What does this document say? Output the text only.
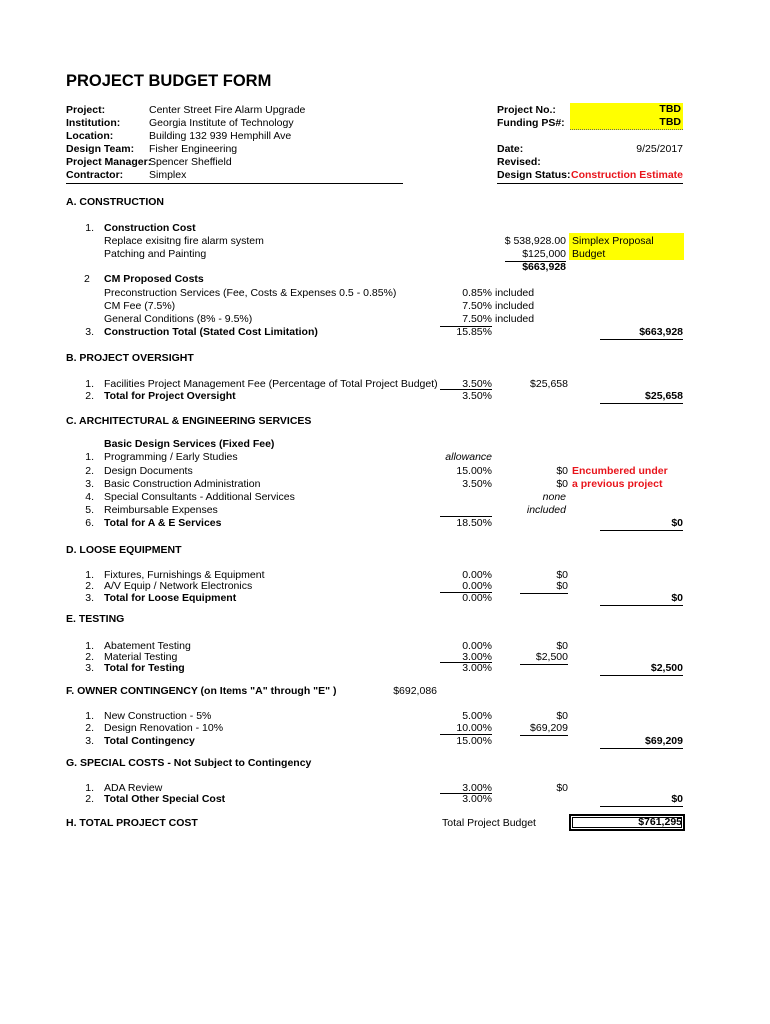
PROJECT BUDGET FORM
Project:	Center Street Fire Alarm Upgrade
Institution:	Georgia Institute of Technology
Location:	Building 132 939 Hemphill Ave
Design Team: Fisher Engineering
Project Manager:
Spencer Sheffield
Contractor: Simplex
Project No.:	TBD
Funding PS#:	TBD
Date:	9/25/2017
Revised:
Design Status: Construction Estimate
A. CONSTRUCTION
1. Construction Cost
Replace exisitng fire alarm system	$ 538,928.00
Patching and Painting	$125,000
$663,928
Simplex Proposal
Budget
2 CM Proposed Costs
Preconstruction Services (Fee, Costs & Expenses 0.5 - 0.85%)	0.85% included
CM Fee (7.5%)	7.50% included
General Conditions (8% - 9.5%)	7.50% included
3. Construction Total (Stated Cost Limitation)	15.85%	$663,928
B. PROJECT OVERSIGHT
1. Facilities Project Management Fee (Percentage of Total Project Budget)	3.50%	$25,658
2. Total for Project Oversight	3.50%	$25,658
C. ARCHITECTURAL & ENGINEERING SERVICES
Basic Design Services (Fixed Fee)
1. Programming / Early Studies	allowance
2. Design Documents	15.00%	$0 Encumbered under
3. Basic Construction Administration	3.50%	$0 a previous project
4. Special Consultants - Additional Services	none
5. Reimbursable Expenses	included
6. Total for A & E Services	18.50%	$0
D. LOOSE EQUIPMENT
1. Fixtures, Furnishings & Equipment	0.00%	$0
2. A/V Equip / Network Electronics	0.00%	$0
3. Total for Loose Equipment	0.00%	$0
E. TESTING
1. Abatement Testing	0.00%	$0
2. Material Testing	3.00%	$2,500
3. Total for Testing	3.00%	$2,500
F. OWNER CONTINGENCY (on Items "A" through "E" )	$692,086
1. New Construction - 5%	5.00%	$0
2. Design Renovation - 10%	10.00%	$69,209
3. Total Contingency	15.00%	$69,209
G. SPECIAL COSTS - Not Subject to Contingency
1. ADA Review	3.00%	$0
2. Total Other Special Cost	3.00%	$0
H. TOTAL PROJECT COST	Total Project Budget	$761,295
